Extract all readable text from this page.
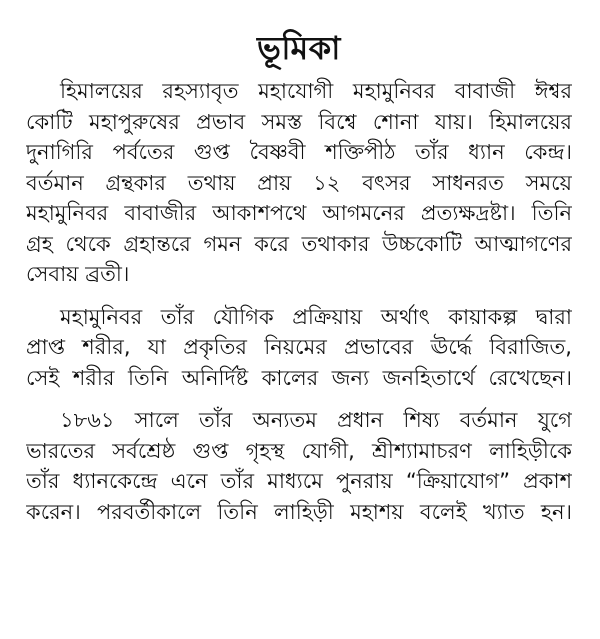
ভূমিকা
হিমালয়ের রহস্যাবৃত মহাযোগী মহামুনিবর বাবাজী ঈশ্বর
কোটি মহাপুরুষের প্রভাব সমস্ত বিশ্বে শোনা যায়। হিমালয়ের
দুনাগিরি পর্বতের গুপ্ত বৈষ্ণবী শক্তিপীঠ তাঁর ধ্যান কেন্দ্র।
বর্তমান গ্রন্থকার তথায় প্রায় ১২ বৎসর সাধনরত সময়ে
মহামুনিবর বাবাজীর আকাশপথে আগমনের প্রত্যক্ষদ্রষ্টা। তিনি
গ্রহ থেকে গ্রহান্তরে গমন করে তথাকার উচ্চকোটি আত্মাগণের
সেবায় ব্রতী।
মহামুনিবর তাঁর যৌগিক প্রক্রিয়ায় অর্থাৎ কায়াকল্প দ্বারা
প্রাপ্ত শরীর, যা প্রকৃতির নিয়মের প্রভাবের ঊর্দ্ধে বিরাজিত,
সেই শরীর তিনি অনির্দিষ্ট কালের জন্য জনহিতার্থে রেখেছেন।
১৮৬১ সালে তাঁর অন্যতম প্রধান শিষ্য বর্তমান যুগে
ভারতের সর্বশ্রেষ্ঠ গুপ্ত গৃহস্থ যোগী, শ্রীশ্যামাচরণ লাহিড়ীকে
তাঁর ধ্যানকেন্দ্রে এনে তাঁর মাধ্যমে পুনরায় “ক্রিয়াযোগ” প্রকাশ
করেন। পরবর্তীকালে তিনি লাহিড়ী মহাশয় বলেই খ্যাত হন।
